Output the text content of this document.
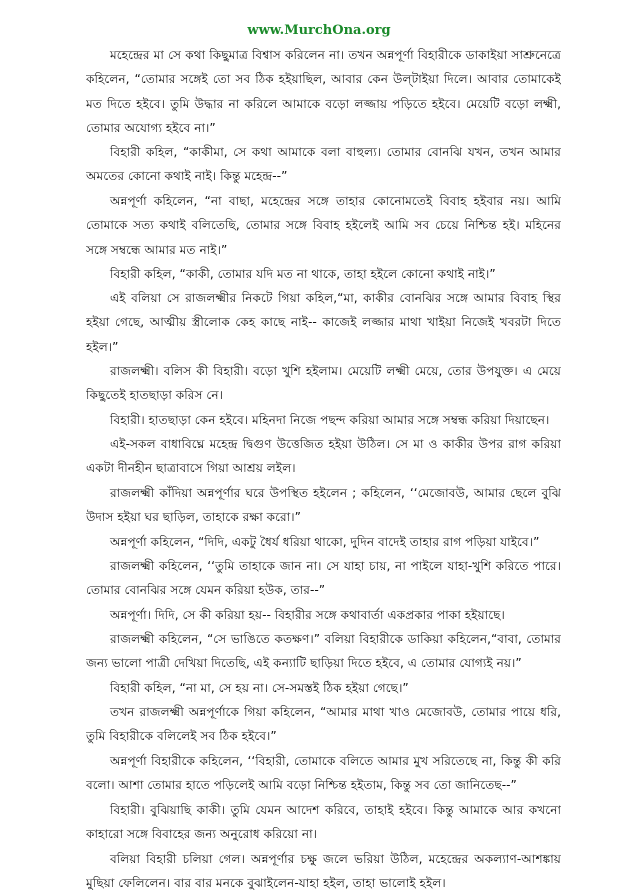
www.MurchOna.org

মহেন্দ্রের মা সে কথা কিছুমাত্র বিশ্বাস করিলেন না। তখন অন্নপূর্ণা বিহারীকে ডাকাইয়া সাশ্রুনেত্রে কহিলেন, “তোমার সঙ্গেই তো সব ঠিক হইয়াছিল, আবার কেন উল্‌টাইয়া দিলে। আবার তোমাকেই মত দিতে হইবে। তুমি উদ্ধার না করিলে আমাকে বড়ো লজ্জায় পড়িতে হইবে। মেয়েটি বড়ো লক্ষ্মী, তোমার অযোগ্য হইবে না।”

বিহারী কহিল, “কাকীমা, সে কথা আমাকে বলা বাহুল্য। তোমার বোনঝি যখন, তখন আমার অমতের কোনো কথাই নাই। কিন্তু মহেন্দ্র--”

অন্নপূর্ণা কহিলেন, “না বাছা, মহেন্দ্রের সঙ্গে তাহার কোনোমতেই বিবাহ হইবার নয়। আমি তোমাকে সত্য কথাই বলিতেছি, তোমার সঙ্গে বিবাহ হইলেই আমি সব চেয়ে নিশ্চিন্ত হই। মহিনের সঙ্গে সম্বন্ধে আমার মত নাই।”

বিহারী কহিল, “কাকী, তোমার যদি মত না থাকে, তাহা হইলে কোনো কথাই নাই।”

এই বলিয়া সে রাজলক্ষ্মীর নিকটে গিয়া কহিল,“মা, কাকীর বোনঝির সঙ্গে আমার বিবাহ স্থির হইয়া গেছে, আত্মীয় স্ত্রীলোক কেহ কাছে নাই-- কাজেই লজ্জার মাথা খাইয়া নিজেই খবরটা দিতে হইল।”

রাজলক্ষ্মী। বলিস কী বিহারী। বড়ো খুশি হইলাম। মেয়েটি লক্ষ্মী মেয়ে, তোর উপযুক্ত। এ মেয়ে কিছুতেই হাতছাড়া করিস নে।

বিহারী। হাতছাড়া কেন হইবে। মহিনদা নিজে পছন্দ করিয়া আমার সঙ্গে সম্বন্ধ করিয়া দিয়াছেন।

এই-সকল বাধাবিঘ্নে মহেন্দ্র দ্বিগুণ উত্তেজিত হইয়া উঠিল। সে মা ও কাকীর উপর রাগ করিয়া একটা দীনহীন ছাত্রাবাসে গিয়া আশ্রয় লইল।

রাজলক্ষ্মী কাঁদিয়া অন্নপূর্ণার ঘরে উপস্থিত হইলেন ; কহিলেন, ‘‘মেজোবউ, আমার ছেলে বুঝি উদাস হইয়া ঘর ছাড়িল, তাহাকে রক্ষা করো।”

অন্নপূর্ণা কহিলেন, “দিদি, একটু ধৈর্য ধরিয়া থাকো, দুদিন বাদেই তাহার রাগ পড়িয়া যাইবে।”

রাজলক্ষ্মী কহিলেন, ‘‘তুমি তাহাকে জান না। সে যাহা চায়, না পাইলে যাহা-খুশি করিতে পারে। তোমার বোনঝির সঙ্গে যেমন করিয়া হউক, তার--”

অন্নপূর্ণা। দিদি, সে কী করিয়া হয়-- বিহারীর সঙ্গে কথাবার্তা একপ্রকার পাকা হইয়াছে।

রাজলক্ষ্মী কহিলেন, “সে ভাঙিতে কতক্ষণ।” বলিয়া বিহারীকে ডাকিয়া কহিলেন,“বাবা, তোমার জন্য ভালো পাত্রী দেখিয়া দিতেছি, এই কন্যাটি ছাড়িয়া দিতে হইবে, এ তোমার যোগ্যই নয়।”

বিহারী কহিল, “না মা, সে হয় না। সে-সমস্তই ঠিক হইয়া গেছে।”

তখন রাজলক্ষ্মী অন্নপূর্ণাকে গিয়া কহিলেন, “আমার মাথা খাও মেজোবউ, তোমার পায়ে ধরি, তুমি বিহারীকে বলিলেই সব ঠিক হইবে।”

অন্নপূর্ণা বিহারীকে কহিলেন, ‘‘বিহারী, তোমাকে বলিতে আমার মুখ সরিতেছে না, কিন্তু কী করি বলো। আশা তোমার হাতে পড়িলেই আমি বড়ো নিশ্চিন্ত হইতাম, কিন্তু সব তো জানিতেছ--”

বিহারী। বুঝিয়াছি কাকী। তুমি যেমন আদেশ করিবে, তাহাই হইবে। কিন্তু আমাকে আর কখনো কাহারো সঙ্গে বিবাহের জন্য অনুরোধ করিয়ো না।

বলিয়া বিহারী চলিয়া গেল। অন্নপূর্ণার চক্ষু জলে ভরিয়া উঠিল, মহেন্দ্রের অকল্যাণ-আশঙ্কায় মুছিয়া ফেলিলেন। বার বার মনকে বুঝাইলেন-যাহা হইল, তাহা ভালোই হইল।
